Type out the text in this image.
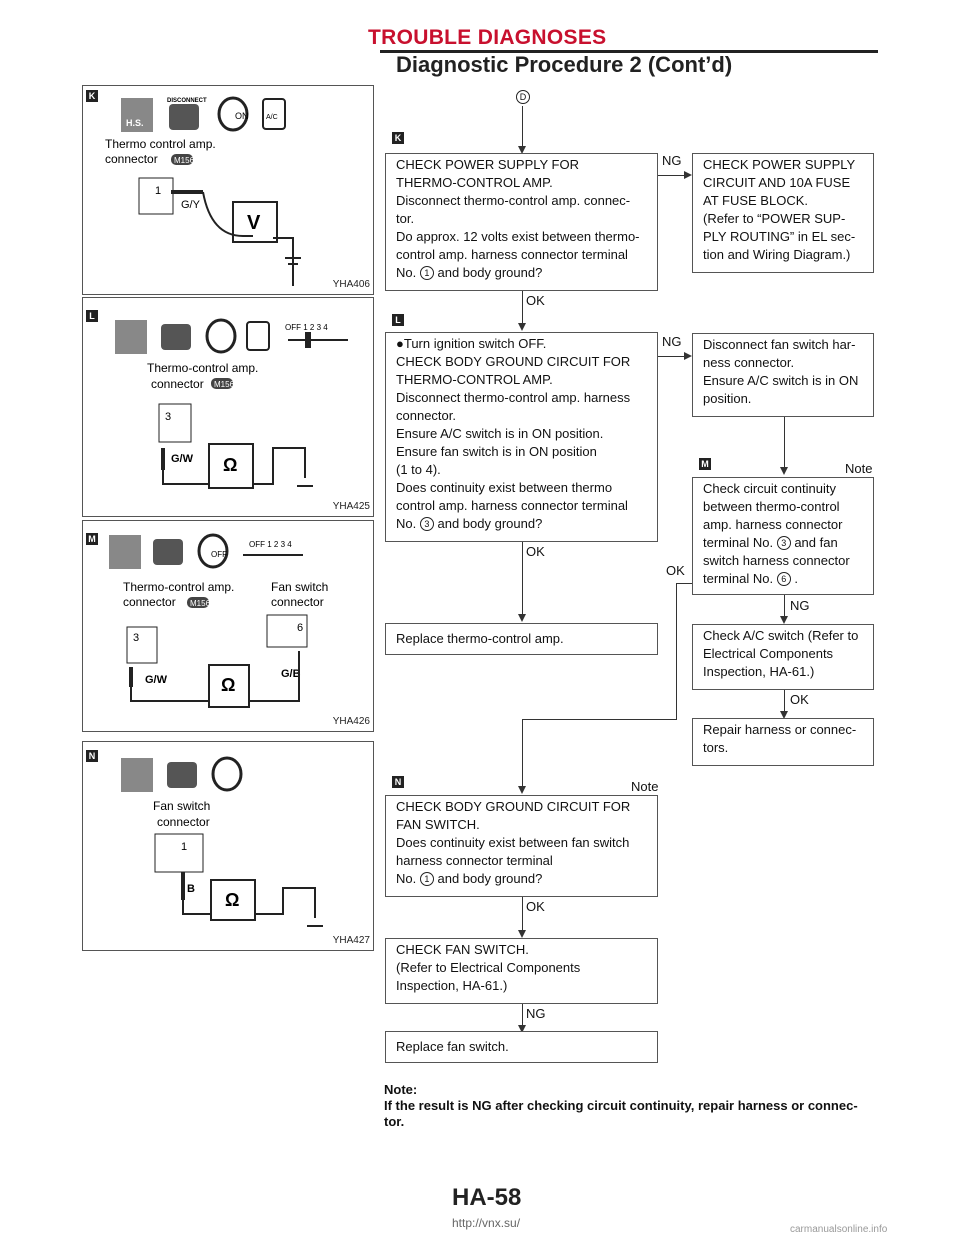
TROUBLE DIAGNOSES
Diagnostic Procedure 2 (Cont’d)
K
H.S.
DISCONNECT
ON	A/C
Thermo control amp.
connector M156
1
G/Y
V
YHA406
L
OFF 1 2 3 4
Thermo-control amp.
connector M156
3
G/W Ω
YHA425
M
OFF
OFF 1 2 3 4
Thermo-control amp.
connector M156
Fan switch
connector
3
6
G/W	Ω
G/B
YHA426
N
Fan switch
connector
1
B
Ω
YHA427
D
K

CHECK POWER SUPPLY FOR

THERMO-CONTROL AMP.

Disconnect thermo-control amp. connec-

tor.

Do approx. 12 volts exist between thermo-

control amp. harness connector terminal

No. 1 and body ground?

NG CHECK POWER SUPPLY

CIRCUIT AND 10A FUSE

AT FUSE BLOCK.

(Refer to “POWER SUP-

PLY ROUTING” in EL sec-

tion and Wiring Diagram.)

OK
L

●Turn ignition switch OFF.

CHECK BODY GROUND CIRCUIT FOR

THERMO-CONTROL AMP.

Disconnect thermo-control amp. harness

connector.

Ensure A/C switch is in ON position.

Ensure fan switch is in ON position

(1 to 4).

Does continuity exist between thermo

control amp. harness connector terminal

No. 3 and body ground?

NG Disconnect fan switch har-

ness connector.

Ensure A/C switch is in ON

position.

M	Note

Check circuit continuity

between thermo-control

amp. harness connector

terminal No. 3 and fan

switch harness connector

terminal No. 6 .

OK
OK
NG

Replace thermo-control amp.	Check A/C switch (Refer to

Electrical Components

Inspection, HA-61.)

OK

Repair harness or connec-

tors.

N	Note

CHECK BODY GROUND CIRCUIT FOR

FAN SWITCH.

Does continuity exist between fan switch

harness connector terminal

No. 1 and body ground?

OK

CHECK FAN SWITCH.

(Refer to Electrical Components

Inspection, HA-61.)

NG

Replace fan switch.

Note:
If the result is NG after checking circuit continuity, repair harness or connec-
tor.
HA-58
http://vnx.su/	carmanualsonline.info
